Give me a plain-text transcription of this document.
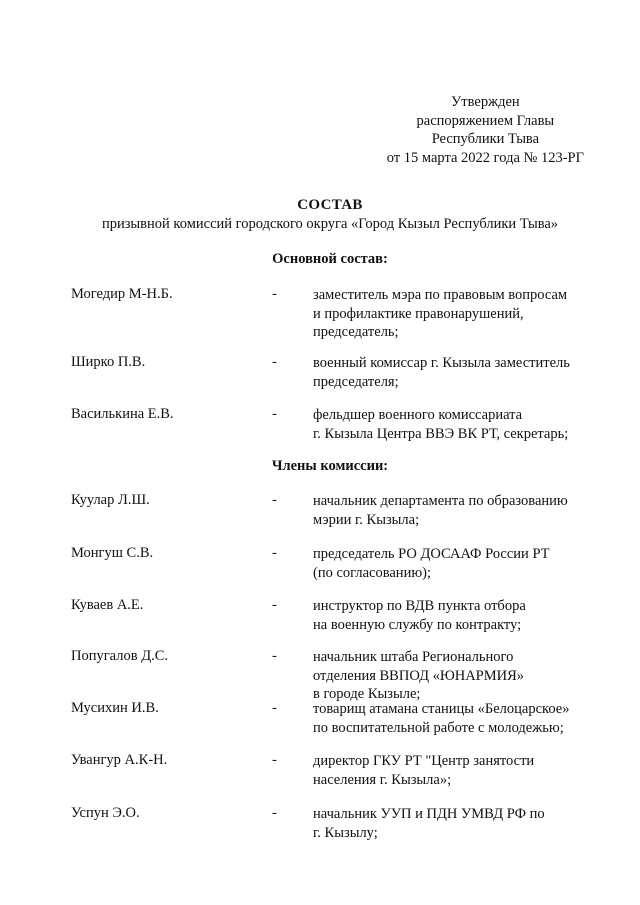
Утвержден
распоряжением Главы
Республики Тыва
от 15 марта 2022 года № 123-РГ
СОСТАВ
призывной комиссий городского округа «Город Кызыл Республики Тыва»
Основной состав:
Могедир М-Н.Б.	- заместитель мэра по правовым вопросам
и профилактике правонарушений,
председатель;
Ширко П.В.	- военный комиссар г. Кызыла заместитель
председателя;
Василькина Е.В.	- фельдшер военного комиссариата
г. Кызыла Центра ВВЭ ВК РТ, секретарь;
Члены комиссии:
Куулар Л.Ш.	- начальник департамента по образованию
мэрии г. Кызыла;
Монгуш С.В.	- председатель РО ДОСААФ России РТ
(по согласованию);
Куваев А.Е.	- инструктор по ВДВ пункта отбора
на военную службу по контракту;
Попугалов Д.С.	- начальник штаба Регионального
отделения ВВПОД «ЮНАРМИЯ»
в городе Кызыле;
Мусихин И.В.	- товарищ атамана станицы «Белоцарское»
по воспитательной работе с молодежью;
Увангур А.К-Н.	- директор ГКУ РТ "Центр занятости
населения г. Кызыла»;
Успун Э.О.	- начальник УУП и ПДН УМВД РФ по
г. Кызылу;
